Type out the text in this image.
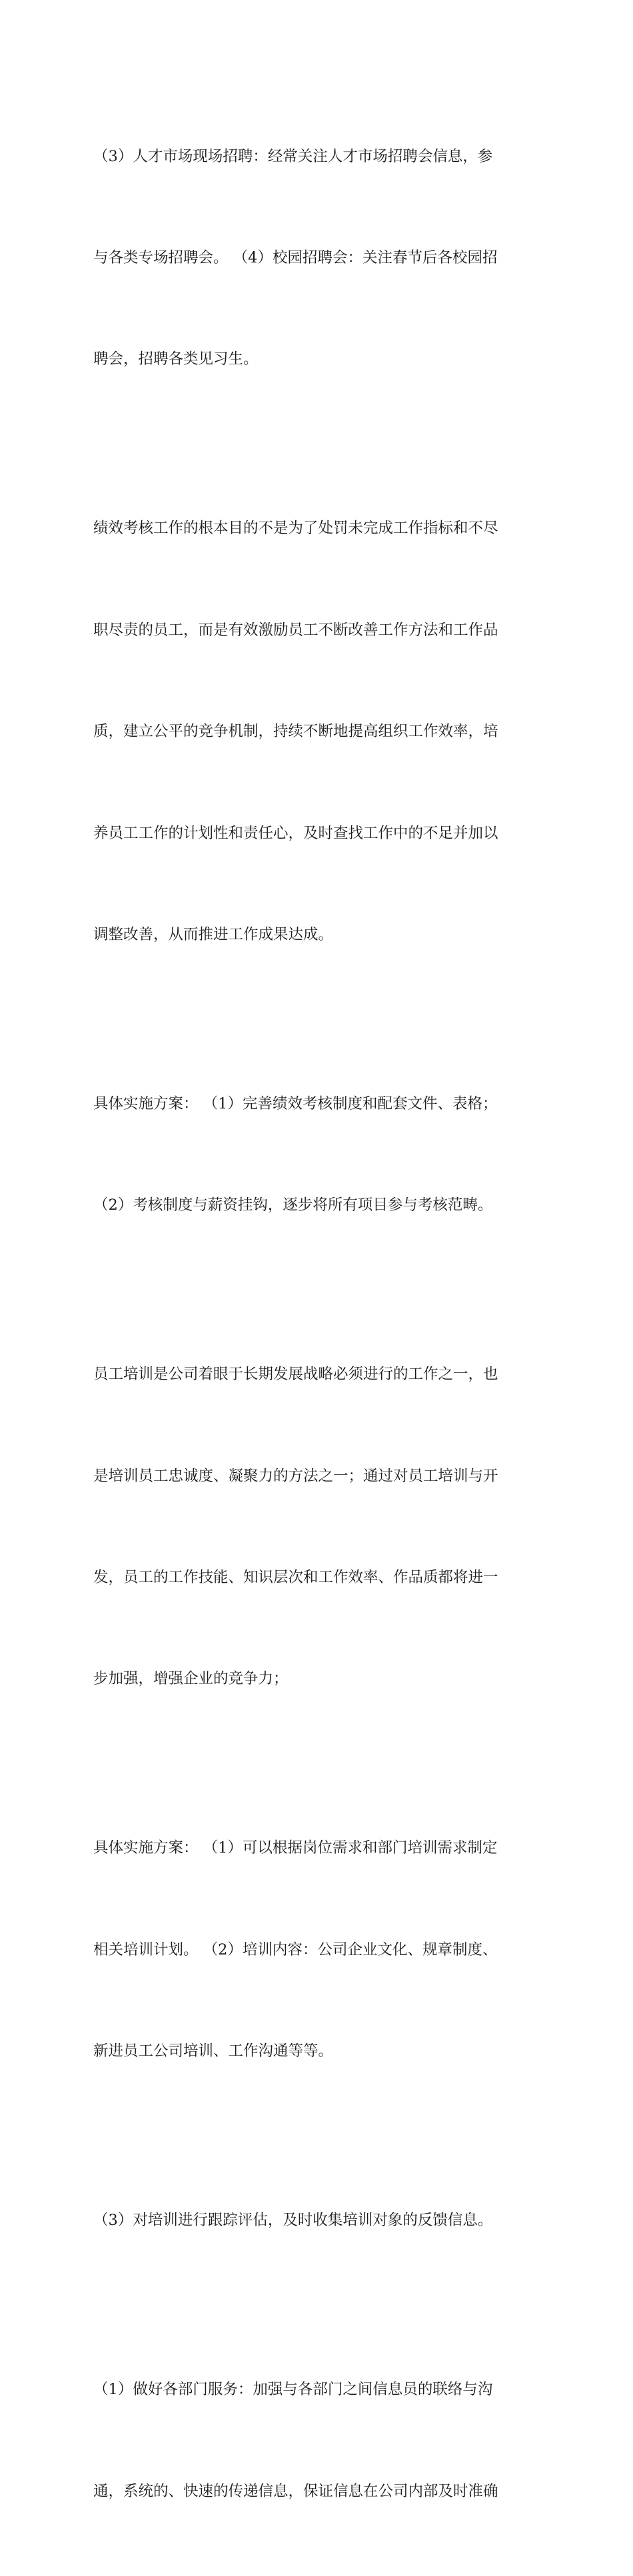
（3）人才市场现场招聘：经常关注人才市场招聘会信息，参

与各类专场招聘会。 （4）校园招聘会：关注春节后各校园招

聘会，招聘各类见习生。

绩效考核工作的根本目的不是为了处罚未完成工作指标和不尽

职尽责的员工，而是有效激励员工不断改善工作方法和工作品

质，建立公平的竞争机制，持续不断地提高组织工作效率，培

养员工工作的计划性和责任心，及时查找工作中的不足并加以

调整改善，从而推进工作成果达成。

具体实施方案： （1）完善绩效考核制度和配套文件、表格；

（2）考核制度与薪资挂钩，逐步将所有项目参与考核范畴。

员工培训是公司着眼于长期发展战略必须进行的工作之一，也

是培训员工忠诚度、凝聚力的方法之一；通过对员工培训与开

发，员工的工作技能、知识层次和工作效率、作品质都将进一

步加强，增强企业的竞争力；

具体实施方案： （1）可以根据岗位需求和部门培训需求制定

相关培训计划。 （2）培训内容：公司企业文化、规章制度、

新进员工公司培训、工作沟通等等。

（3）对培训进行跟踪评估，及时收集培训对象的反馈信息。

（1）做好各部门服务：加强与各部门之间信息员的联络与沟

通，系统的、快速的传递信息，保证信息在公司内部及时准确
